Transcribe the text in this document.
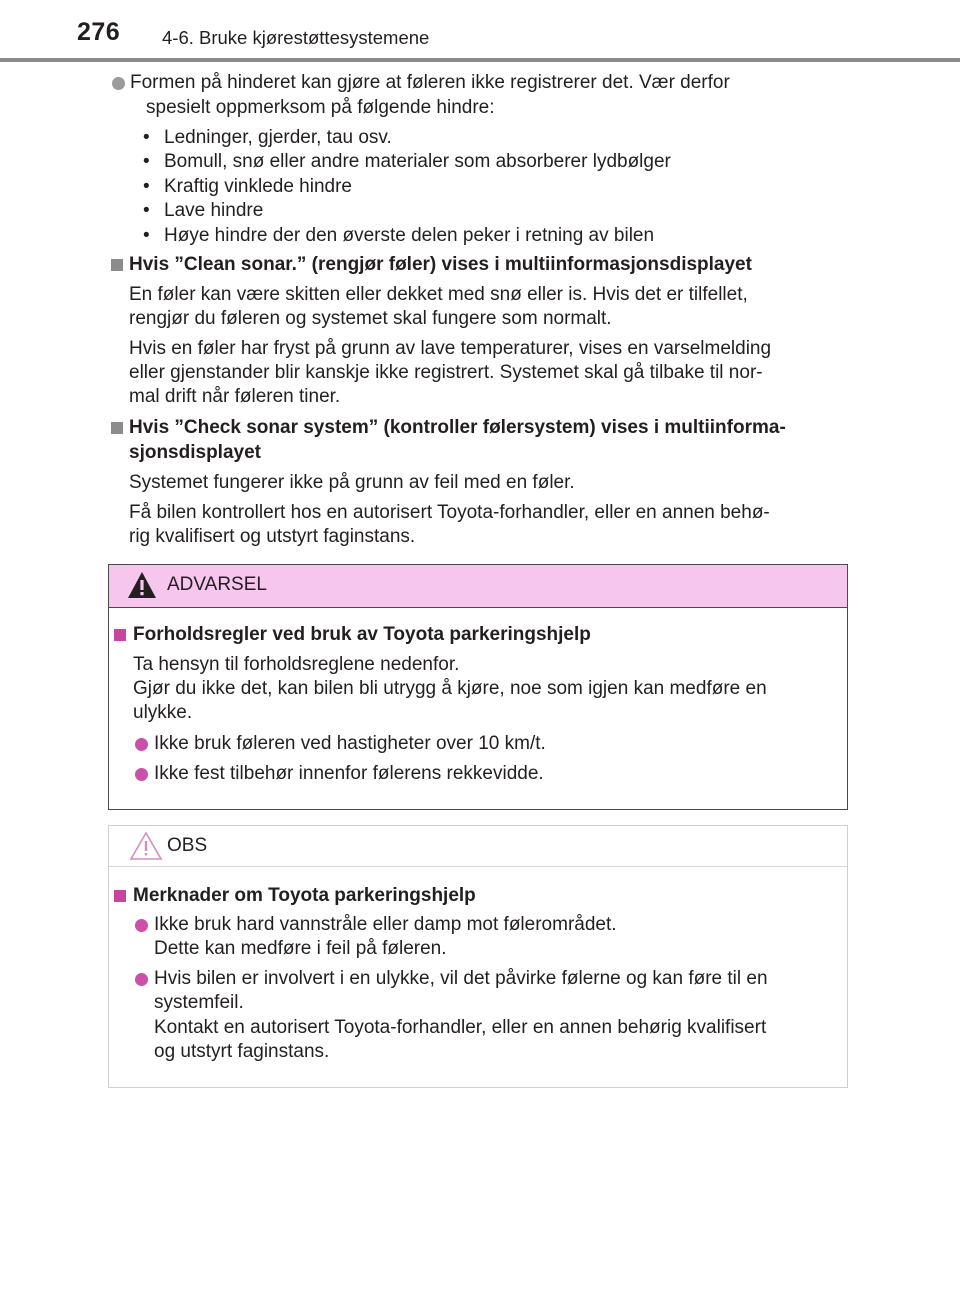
276 4-6. Bruke kjørestøttesystemene
Formen på hinderet kan gjøre at føleren ikke registrerer det. Vær derfor
spesielt oppmerksom på følgende hindre:
• Ledninger, gjerder, tau osv.
• Bomull, snø eller andre materialer som absorberer lydbølger
• Kraftig vinklede hindre
• Lave hindre
• Høye hindre der den øverste delen peker i retning av bilen
Hvis ”Clean sonar.” (rengjør føler) vises i multiinformasjonsdisplayet
En føler kan være skitten eller dekket med snø eller is. Hvis det er tilfellet,
rengjør du føleren og systemet skal fungere som normalt.
Hvis en føler har fryst på grunn av lave temperaturer, vises en varselmelding
eller gjenstander blir kanskje ikke registrert. Systemet skal gå tilbake til nor-
mal drift når føleren tiner.
Hvis ”Check sonar system” (kontroller følersystem) vises i multiinforma-
sjonsdisplayet
Systemet fungerer ikke på grunn av feil med en føler.
Få bilen kontrollert hos en autorisert Toyota-forhandler, eller en annen behø-
rig kvalifisert og utstyrt faginstans.
ADVARSEL
Forholdsregler ved bruk av Toyota parkeringshjelp
Ta hensyn til forholdsreglene nedenfor.
Gjør du ikke det, kan bilen bli utrygg å kjøre, noe som igjen kan medføre en
ulykke.
Ikke bruk føleren ved hastigheter over 10 km/t.
Ikke fest tilbehør innenfor følerens rekkevidde.
OBS
Merknader om Toyota parkeringshjelp
Ikke bruk hard vannstråle eller damp mot følerområdet.
Dette kan medføre i feil på føleren.
Hvis bilen er involvert i en ulykke, vil det påvirke følerne og kan føre til en
systemfeil.
Kontakt en autorisert Toyota-forhandler, eller en annen behørig kvalifisert
og utstyrt faginstans.
